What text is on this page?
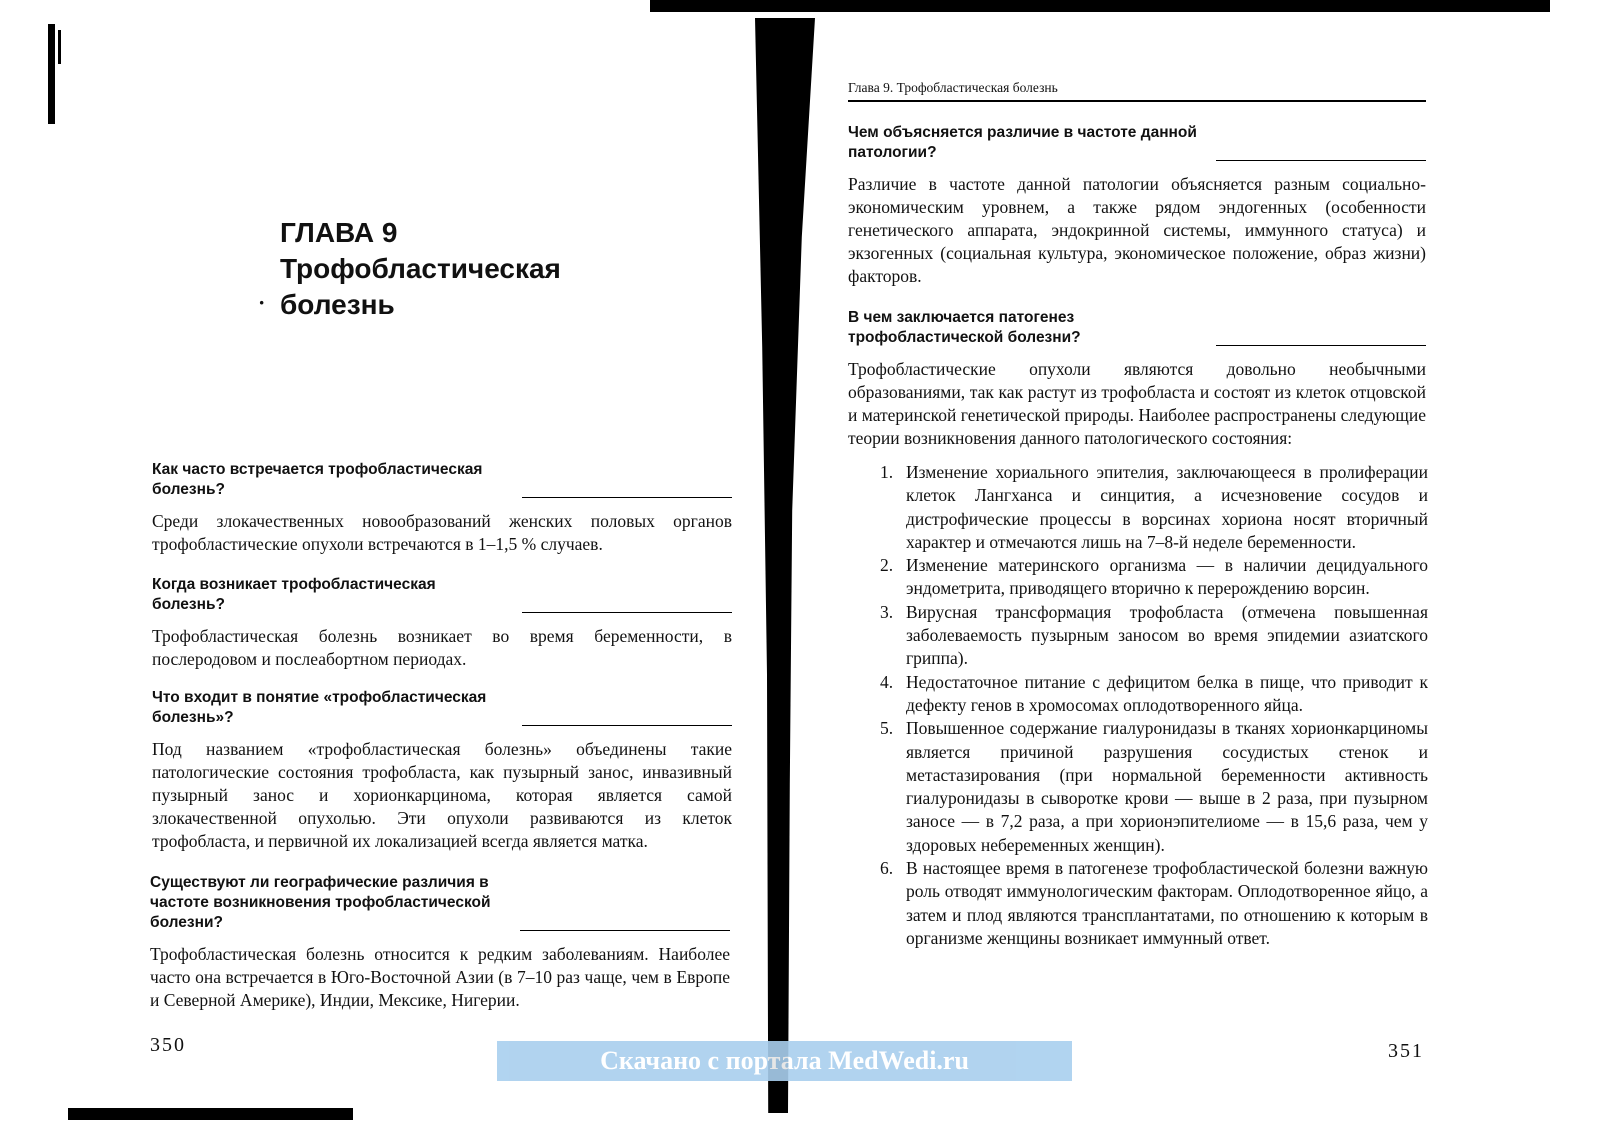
·
ГЛАВА 9
Трофобластическая
болезнь
Как часто встречается трофобластическая болезнь?

Среди злокачественных новообразований женских половых органов трофобластические опухоли встречаются в 1–1,5 % случаев.

Когда возникает трофобластическая болезнь?

Трофобластическая болезнь возникает во время беременности, в послеродовом и послеабортном периодах.

Что входит в понятие «трофобластическая болезнь»?

Под названием «трофобластическая болезнь» объединены такие патологические состояния трофобласта, как пузырный занос, инвазивный пузырный занос и хорионкарцинома, которая является самой злокачественной опухолью. Эти опухоли развиваются из клеток трофобласта, и первичной их локализацией всегда является матка.

Существуют ли географические различия в частоте возникновения трофобластической болезни?

Трофобластическая болезнь относится к редким заболеваниям. Наиболее часто она встречается в Юго-Восточной Азии (в 7–10 раз чаще, чем в Европе и Северной Америке), Индии, Мексике, Нигерии.

350
Глава 9. Трофобластическая болезнь
Чем объясняется различие в частоте данной патологии?

Различие в частоте данной патологии объясняется разным социально-экономическим уровнем, а также рядом эндогенных (особенности генетического аппарата, эндокринной системы, иммунного статуса) и экзогенных (социальная культура, экономическое положение, образ жизни) факторов.

В чем заключается патогенез трофобластической болезни?

Трофобластические опухоли являются довольно необычными образованиями, так как растут из трофобласта и состоят из клеток отцовской и материнской генетической природы. Наиболее распространены следующие теории возникновения данного патологического состояния:

1. Изменение хориального эпителия, заключающееся в пролиферации клеток Лангханса и синцития, а исчезновение сосудов и дистрофические процессы в ворсинах хориона носят вторичный характер и отмечаются лишь на 7–8-й неделе беременности.
2. Изменение материнского организма — в наличии децидуального эндометрита, приводящего вторично к перерождению ворсин.
3. Вирусная трансформация трофобласта (отмечена повышенная заболеваемость пузырным заносом во время эпидемии азиатского гриппа).
4. Недостаточное питание с дефицитом белка в пище, что приводит к дефекту генов в хромосомах оплодотворенного яйца.
5. Повышенное содержание гиалуронидазы в тканях хорионкарциномы является причиной разрушения сосудистых стенок и метастазирования (при нормальной беременности активность гиалуронидазы в сыворотке крови — выше в 2 раза, при пузырном заносе — в 7,2 раза, а при хорионэпителиоме — в 15,6 раза, чем у здоровых небеременных женщин).
6. В настоящее время в патогенезе трофобластической болезни важную роль отводят иммунологическим факторам. Оплодотворенное яйцо, а затем и плод являются трансплантатами, по отношению к которым в организме женщины возникает иммунный ответ.
351
Скачано с портала MedWedi.ru
